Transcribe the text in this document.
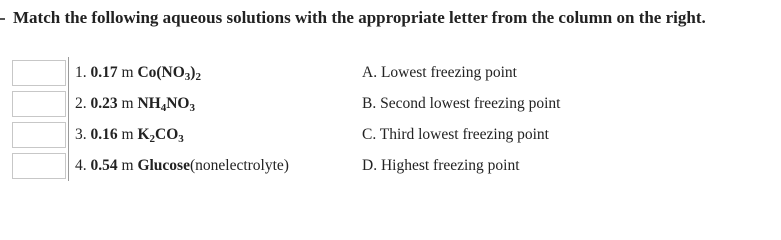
Match the following aqueous solutions with the appropriate letter from the column on the right.
1. 0.17 m $Co(NO_3)_2$	A. Lowest freezing point
2. 0.23 m $NH_4NO_3$	B. Second lowest freezing point
3. 0.16 m $K_2CO_3$	C. Third lowest freezing point
4. 0.54 m Glucose(nonelectrolyte)	D. Highest freezing point
